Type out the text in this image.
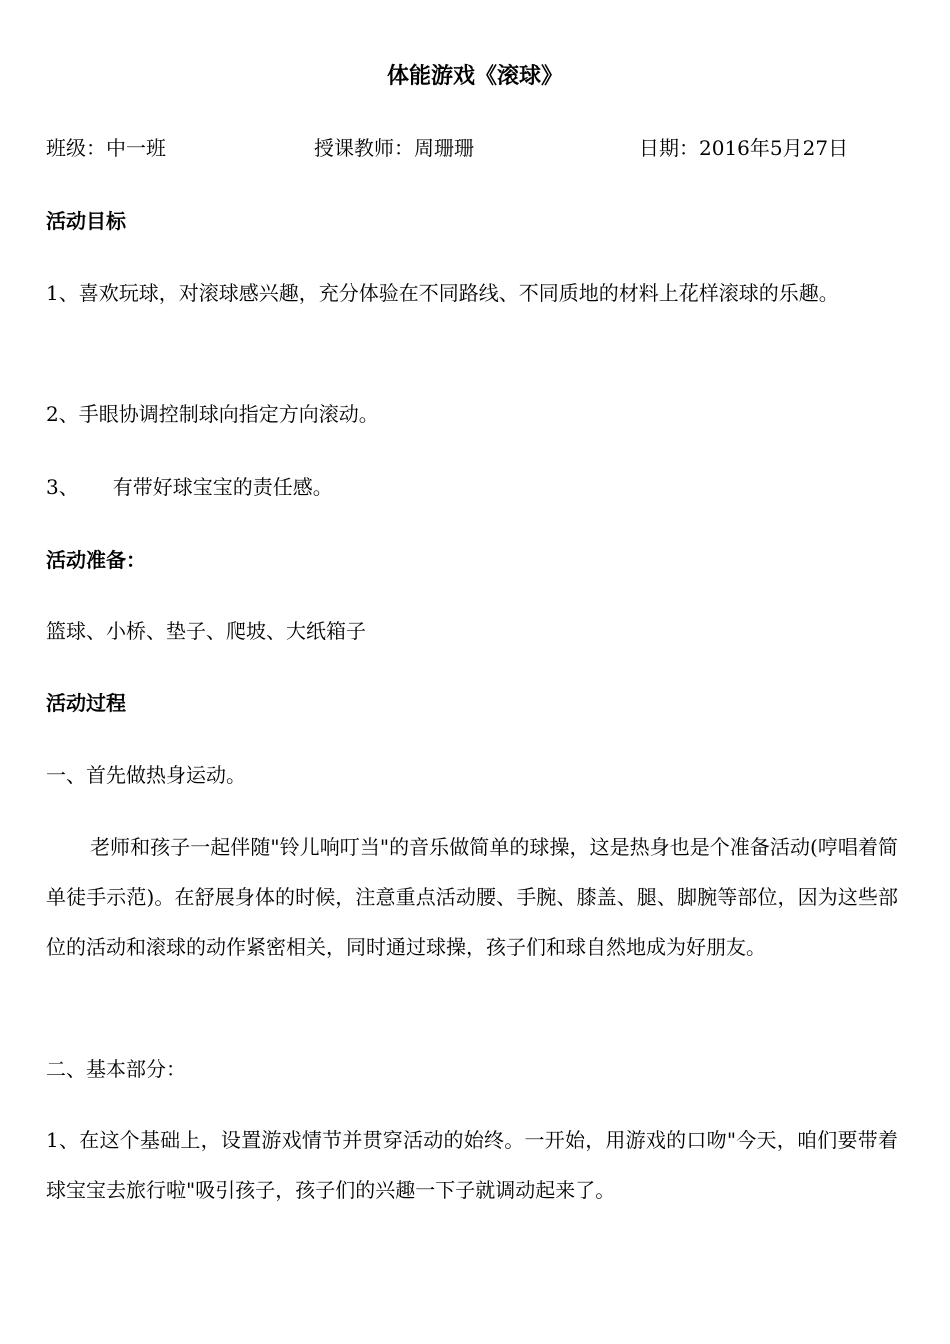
体能游戏《滚球》
班级：中一班	授课教师：周珊珊	日期：2016年5月27日
活动目标
1、喜欢玩球，对滚球感兴趣，充分体验在不同路线、不同质地的材料上花样滚球的乐趣。
2、手眼协调控制球向指定方向滚动。
3、 有带好球宝宝的责任感。
活动准备：
篮球、小桥、垫子、爬坡、大纸箱子
活动过程
一、首先做热身运动。
老师和孩子一起伴随"铃儿响叮当"的音乐做简单的球操，这是热身也是个准备活动(哼唱着简单徒手示范)。在舒展身体的时候，注意重点活动腰、手腕、膝盖、腿、脚腕等部位，因为这些部位的活动和滚球的动作紧密相关，同时通过球操，孩子们和球自然地成为好朋友。
二、基本部分：
1、在这个基础上，设置游戏情节并贯穿活动的始终。一开始，用游戏的口吻"今天，咱们要带着球宝宝去旅行啦"吸引孩子，孩子们的兴趣一下子就调动起来了。
